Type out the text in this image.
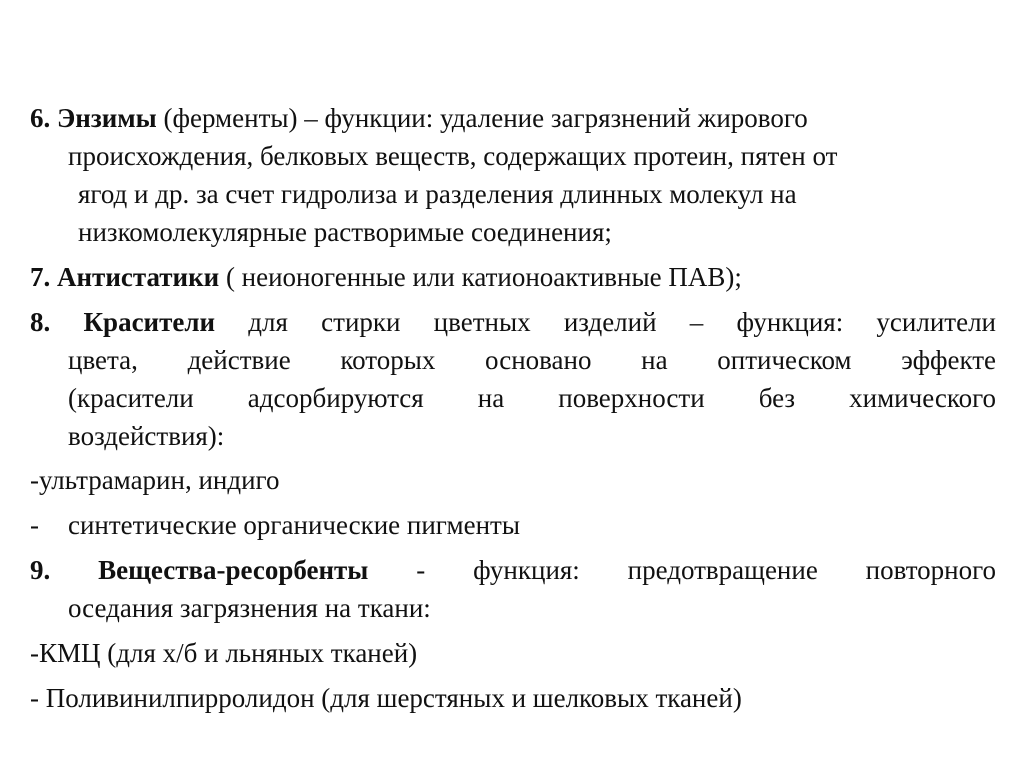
6. Энзимы (ферменты) – функции: удаление загрязнений жирового
происхождения, белковых веществ, содержащих протеин, пятен от
ягод и др. за счет гидролиза и разделения длинных молекул на
низкомолекулярные растворимые соединения;
7. Антистатики ( неионогенные или катионоактивные ПАВ);
8. Красители для стирки цветных изделий – функция: усилители
цвета, действие которых основано на оптическом эффекте
(красители адсорбируются на поверхности без химического
воздействия):
-ультрамарин, индиго
- синтетические органические пигменты
9. Вещества-ресорбенты - функция: предотвращение повторного
оседания загрязнения на ткани:
-КМЦ (для х/б и льняных тканей)
- Поливинилпирролидон (для шерстяных и шелковых тканей)
